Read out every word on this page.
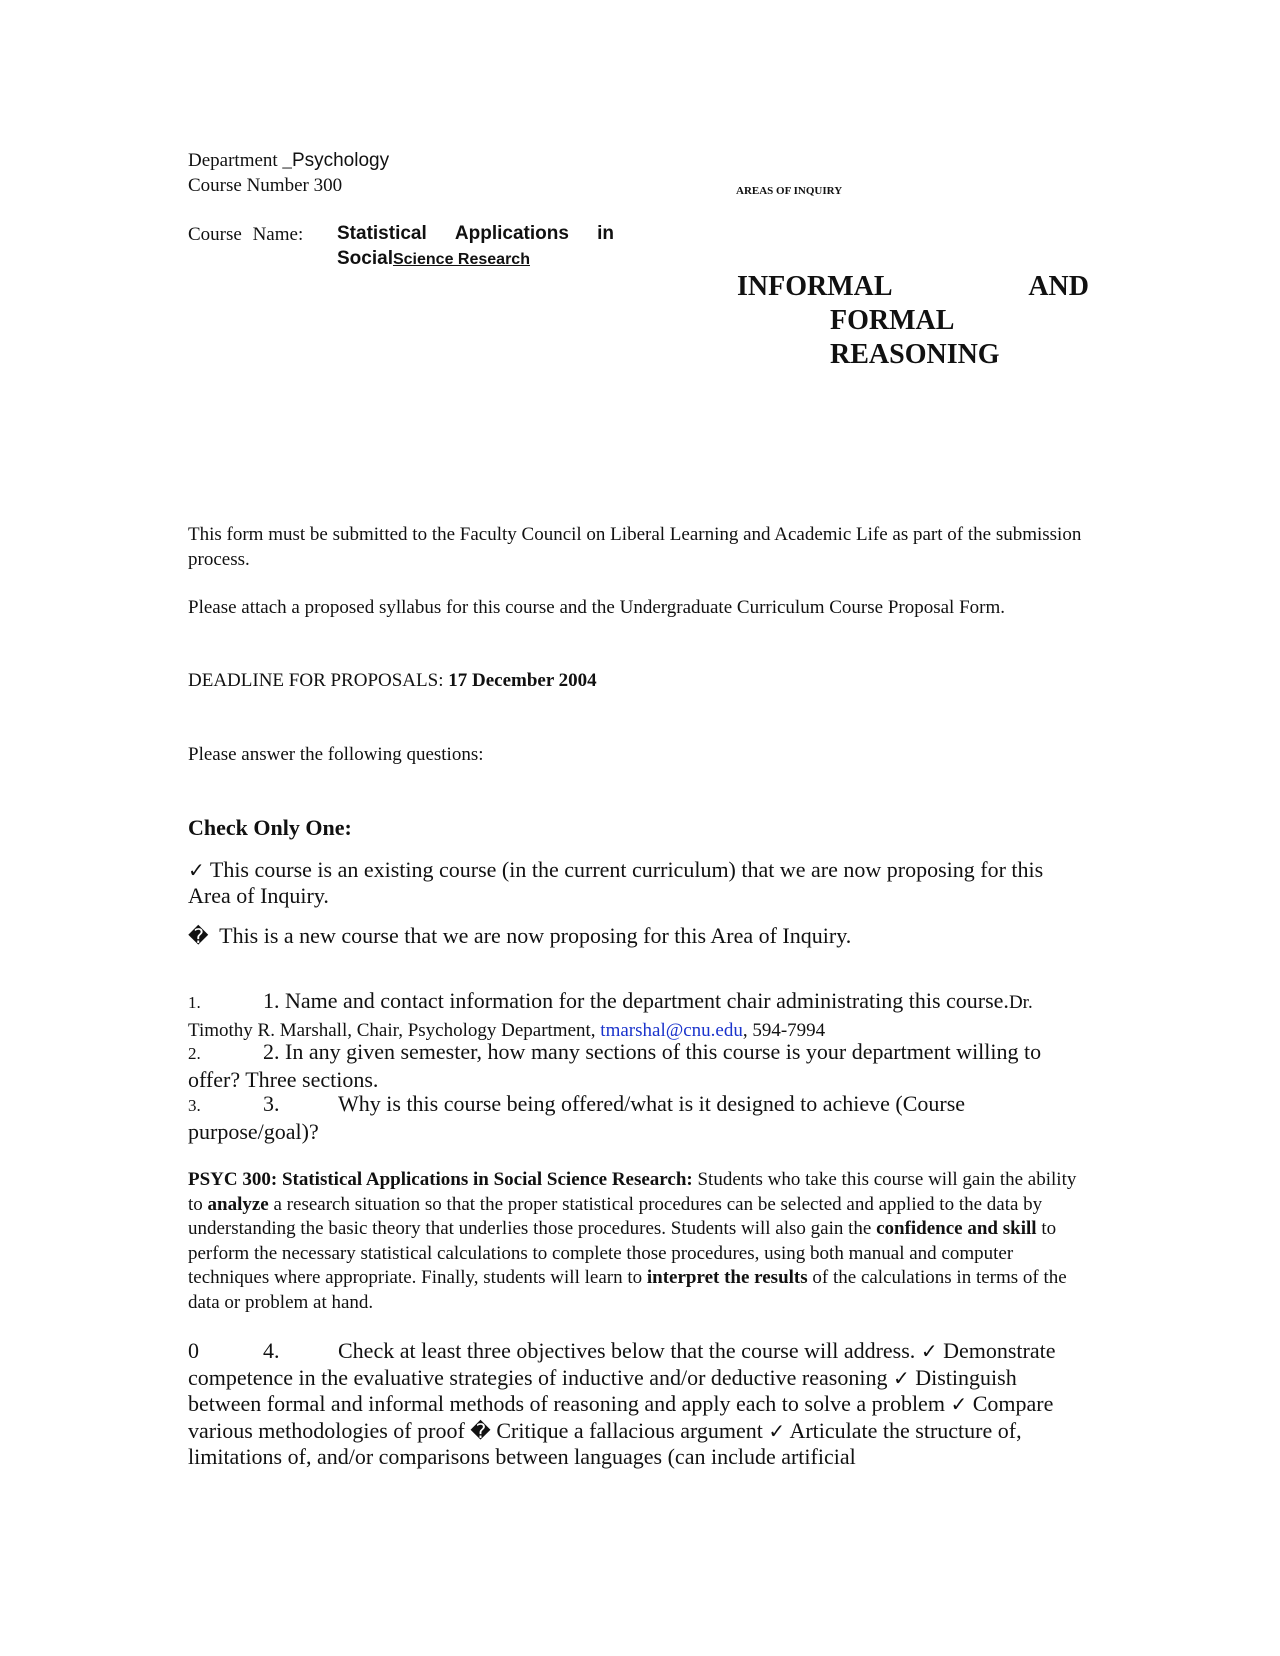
Department _Psychology
Course Number 300
Course Name: Statistical Applications in
SocialScience Research
AREAS OF INQUIRY
INFORMAL	AND
FORMAL
REASONING
This form must be submitted to the Faculty Council on Liberal Learning and Academic Life as part of the submission process.
Please attach a proposed syllabus for this course and the Undergraduate Curriculum Course Proposal Form.
DEADLINE FOR PROPOSALS: 17 December 2004
Please answer the following questions:
Check Only One:
✓ This course is an existing course (in the current curriculum) that we are now proposing for this Area of Inquiry.
� This is a new course that we are now proposing for this Area of Inquiry.
1.	1. Name and contact information for the department chair administrating this course.Dr. Timothy R. Marshall, Chair, Psychology Department, tmarshal@cnu.edu, 594-7994
2.	2. In any given semester, how many sections of this course is your department willing to offer? Three sections.
3.	3.	Why is this course being offered/what is it designed to achieve (Course purpose/goal)?
PSYC 300: Statistical Applications in Social Science Research: Students who take this course will gain the ability to analyze a research situation so that the proper statistical procedures can be selected and applied to the data by understanding the basic theory that underlies those procedures. Students will also gain the confidence and skill to perform the necessary statistical calculations to complete those procedures, using both manual and computer techniques where appropriate. Finally, students will learn to interpret the results of the calculations in terms of the data or problem at hand.
0	4.	Check at least three objectives below that the course will address. ✓ Demonstrate competence in the evaluative strategies of inductive and/or deductive reasoning ✓ Distinguish between formal and informal methods of reasoning and apply each to solve a problem ✓ Compare various methodologies of proof � Critique a fallacious argument ✓ Articulate the structure of, limitations of, and/or comparisons between languages (can include artificial
